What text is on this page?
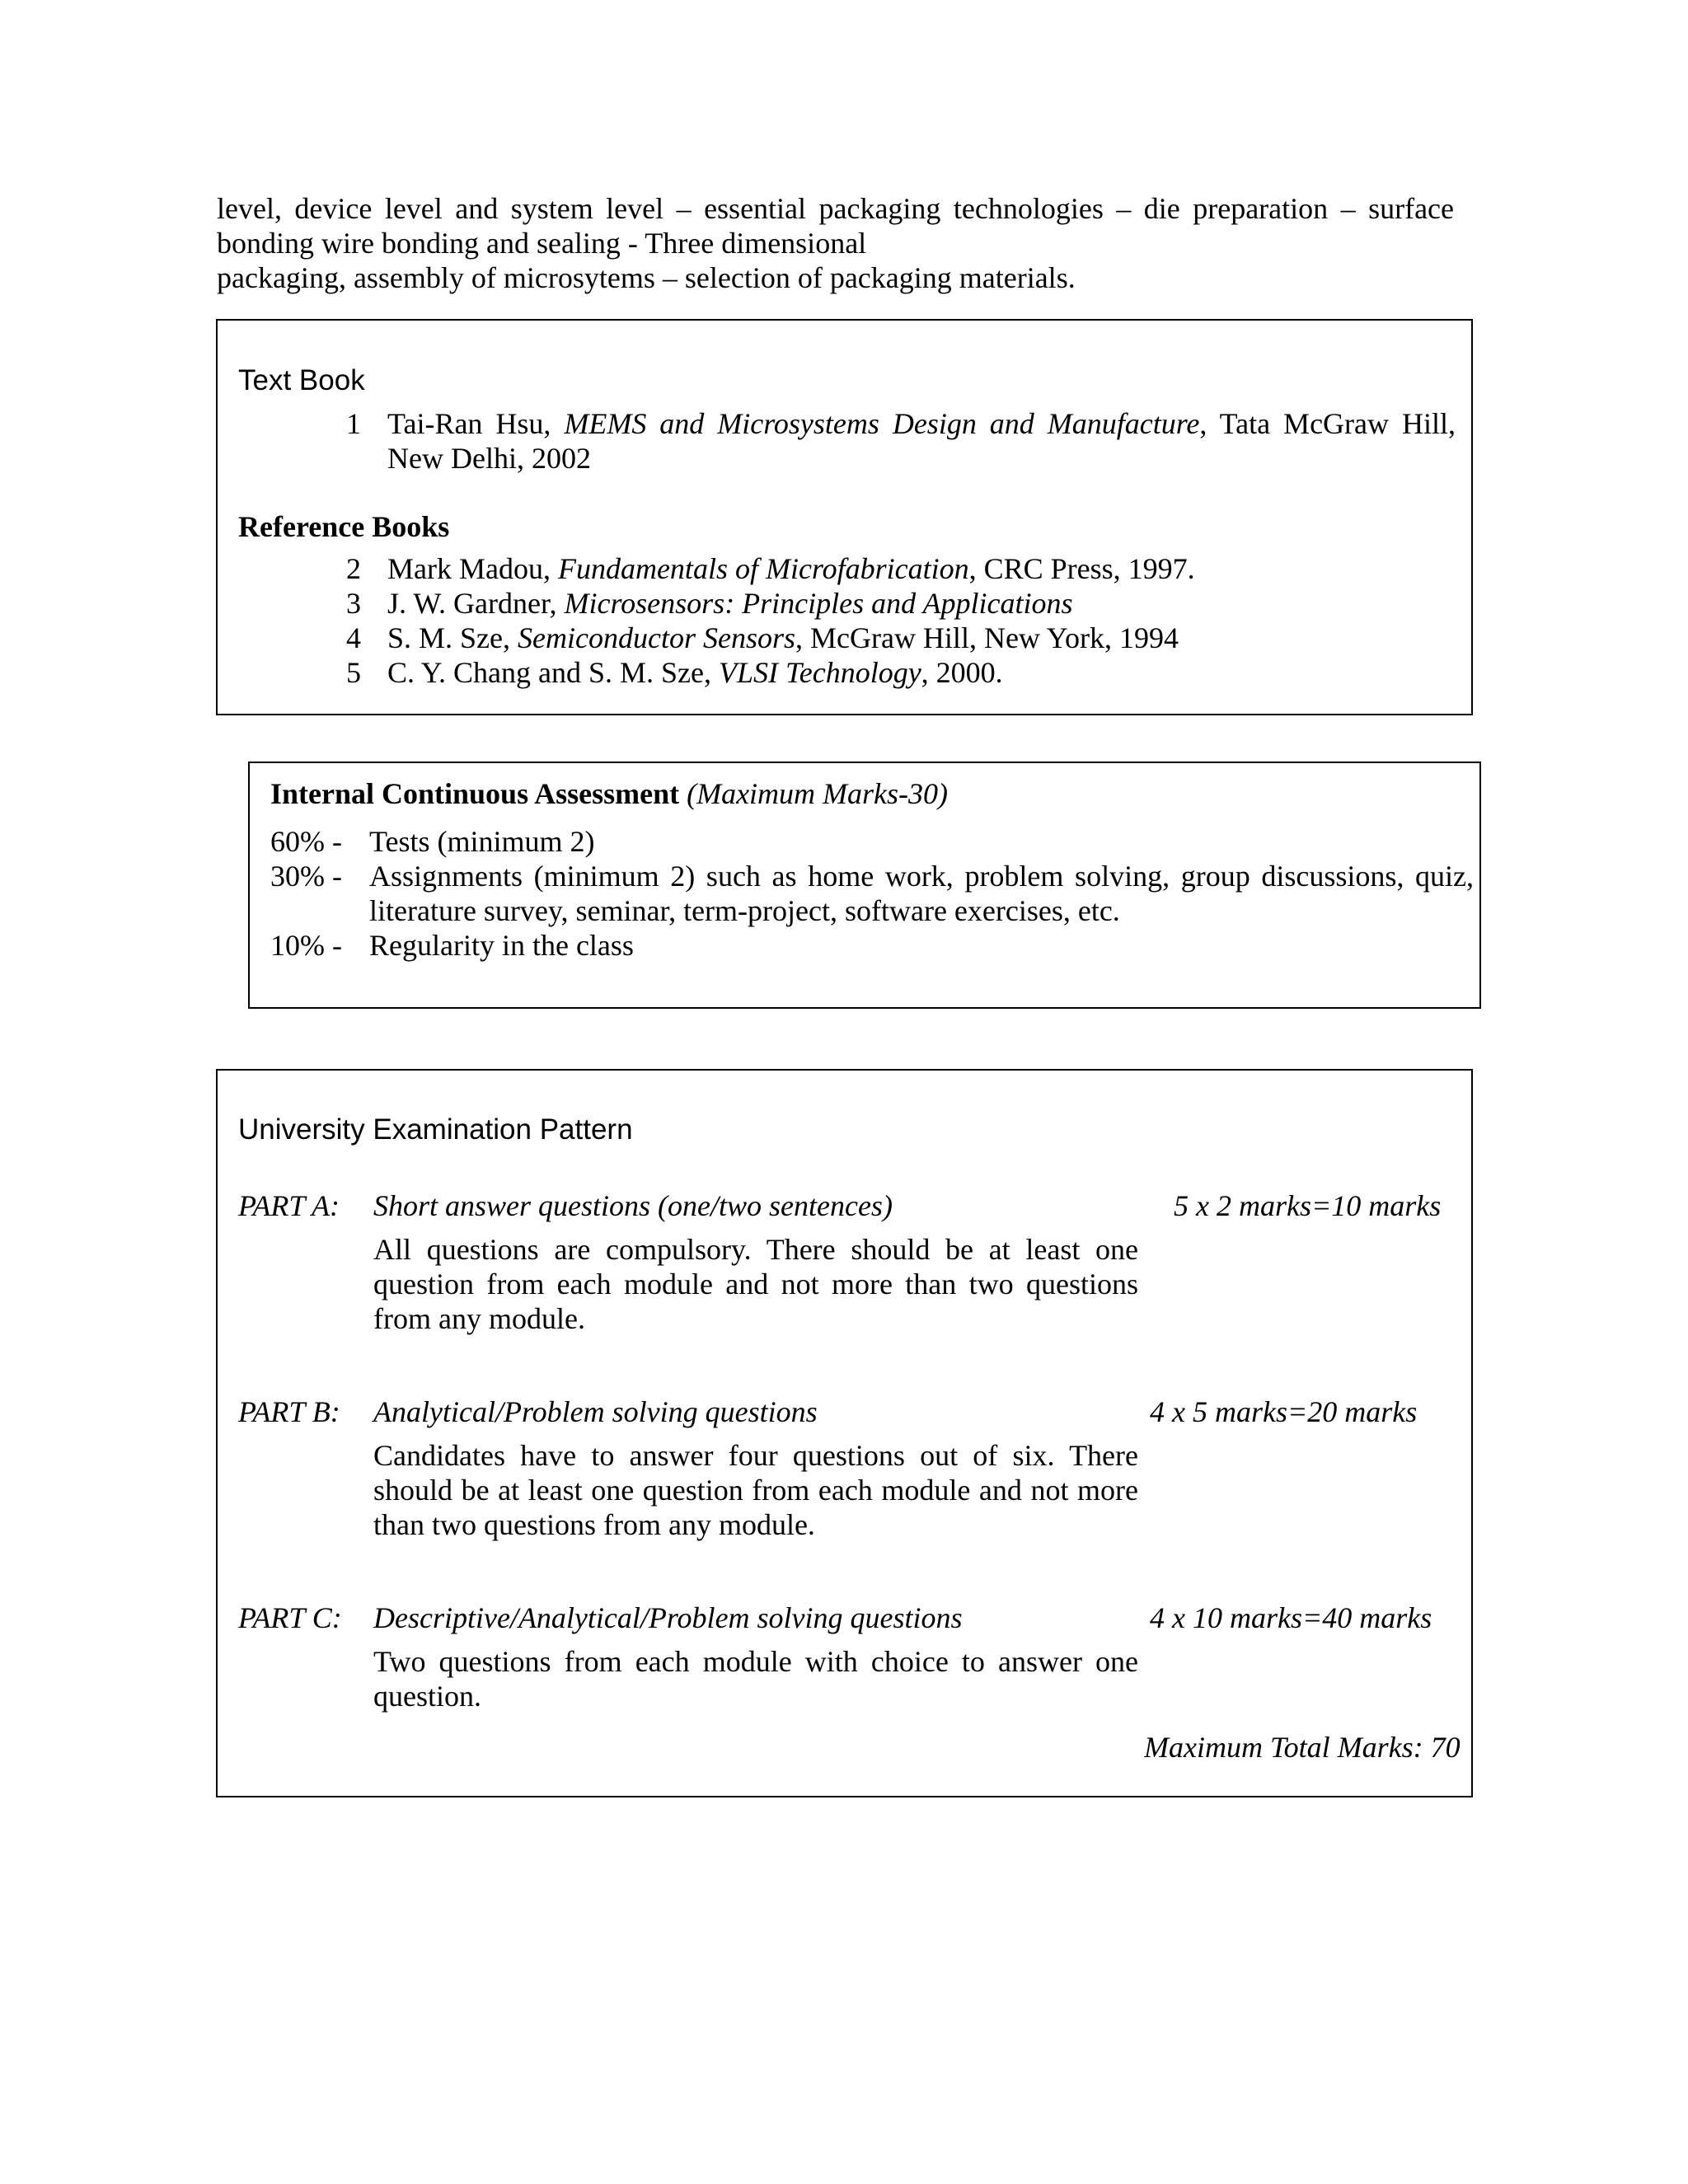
level, device level and system level – essential packaging technologies – die preparation – surface
bonding wire bonding and sealing - Three dimensional
packaging, assembly of microsytems – selection of packaging materials.
Text Book
1 Tai-Ran Hsu, MEMS and Microsystems Design and Manufacture, Tata McGraw Hill, New Delhi, 2002
Reference Books
2 Mark Madou, Fundamentals of Microfabrication, CRC Press, 1997.
3 J. W. Gardner, Microsensors: Principles and Applications
4 S. M. Sze, Semiconductor Sensors, McGraw Hill, New York, 1994
5 C. Y. Chang and S. M. Sze, VLSI Technology, 2000.
Internal Continuous Assessment (Maximum Marks-30)
60% - Tests (minimum 2)
30% - Assignments (minimum 2) such as home work, problem solving, group discussions, quiz, literature survey, seminar, term-project, software exercises, etc.
10% - Regularity in the class
University Examination Pattern
PART A: Short answer questions (one/two sentences)	5 x 2 marks=10 marks
All questions are compulsory. There should be at least one question from each module and not more than two questions from any module.
PART B: Analytical/Problem solving questions	4 x 5 marks=20 marks
Candidates have to answer four questions out of six. There should be at least one question from each module and not more than two questions from any module.
PART C: Descriptive/Analytical/Problem solving questions	4 x 10 marks=40 marks
Two questions from each module with choice to answer one question.
Maximum Total Marks: 70
